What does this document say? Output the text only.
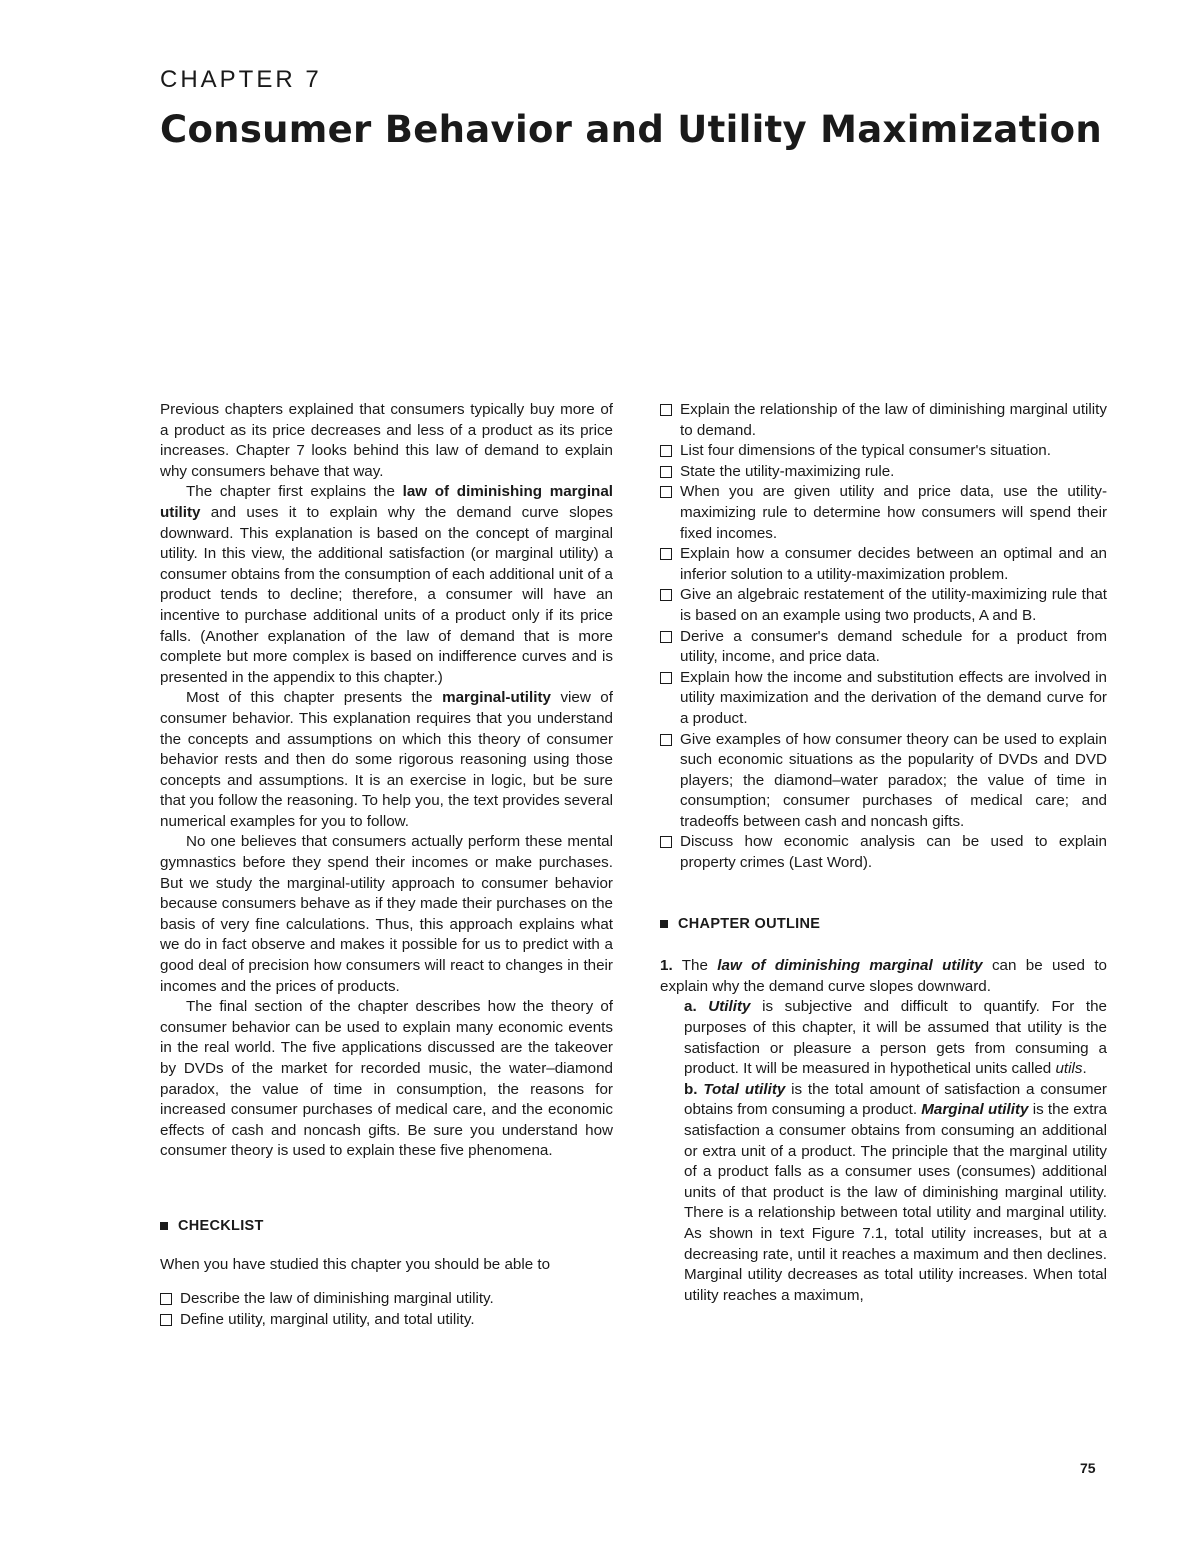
CHAPTER 7
Consumer Behavior and Utility Maximization

Previous chapters explained that consumers typically buy more of a product as its price decreases and less of a product as its price increases. Chapter 7 looks behind this law of demand to explain why consumers behave that way.

The chapter first explains the law of diminishing marginal utility and uses it to explain why the demand curve slopes downward. This explanation is based on the concept of marginal utility. In this view, the additional satisfaction (or marginal utility) a consumer obtains from the consumption of each additional unit of a product tends to decline; therefore, a consumer will have an incentive to purchase additional units of a product only if its price falls. (Another explanation of the law of demand that is more complete but more complex is based on indifference curves and is presented in the appendix to this chapter.)

Most of this chapter presents the marginal-utility view of consumer behavior. This explanation requires that you understand the concepts and assumptions on which this theory of consumer behavior rests and then do some rigorous reasoning using those concepts and assumptions. It is an exercise in logic, but be sure that you follow the reasoning. To help you, the text provides several numerical examples for you to follow.

No one believes that consumers actually perform these mental gymnastics before they spend their incomes or make purchases. But we study the marginal-utility approach to consumer behavior because consumers behave as if they made their purchases on the basis of very fine calculations. Thus, this approach explains what we do in fact observe and makes it possible for us to predict with a good deal of precision how consumers will react to changes in their incomes and the prices of products.

The final section of the chapter describes how the theory of consumer behavior can be used to explain many economic events in the real world. The five applications discussed are the takeover by DVDs of the market for recorded music, the water–diamond paradox, the value of time in consumption, the reasons for increased consumer purchases of medical care, and the economic effects of cash and noncash gifts. Be sure you understand how consumer theory is used to explain these five phenomena.

CHECKLIST

When you have studied this chapter you should be able to

Describe the law of diminishing marginal utility.
Define utility, marginal utility, and total utility.
Explain the relationship of the law of diminishing marginal utility to demand.
List four dimensions of the typical consumer's situation.
State the utility-maximizing rule.
When you are given utility and price data, use the utility-maximizing rule to determine how consumers will spend their fixed incomes.
Explain how a consumer decides between an optimal and an inferior solution to a utility-maximization problem.
Give an algebraic restatement of the utility-maximizing rule that is based on an example using two products, A and B.
Derive a consumer's demand schedule for a product from utility, income, and price data.
Explain how the income and substitution effects are involved in utility maximization and the derivation of the demand curve for a product.
Give examples of how consumer theory can be used to explain such economic situations as the popularity of DVDs and DVD players; the diamond–water paradox; the value of time in consumption; consumer purchases of medical care; and tradeoffs between cash and noncash gifts.
Discuss how economic analysis can be used to explain property crimes (Last Word).
CHAPTER OUTLINE

1. The law of diminishing marginal utility can be used to explain why the demand curve slopes downward.

a. Utility is subjective and difficult to quantify. For the purposes of this chapter, it will be assumed that utility is the satisfaction or pleasure a person gets from consuming a product. It will be measured in hypothetical units called utils.

b. Total utility is the total amount of satisfaction a consumer obtains from consuming a product. Marginal utility is the extra satisfaction a consumer obtains from consuming an additional or extra unit of a product. The principle that the marginal utility of a product falls as a consumer uses (consumes) additional units of that product is the law of diminishing marginal utility. There is a relationship between total utility and marginal utility. As shown in text Figure 7.1, total utility increases, but at a decreasing rate, until it reaches a maximum and then declines. Marginal utility decreases as total utility increases. When total utility reaches a maximum,

75
